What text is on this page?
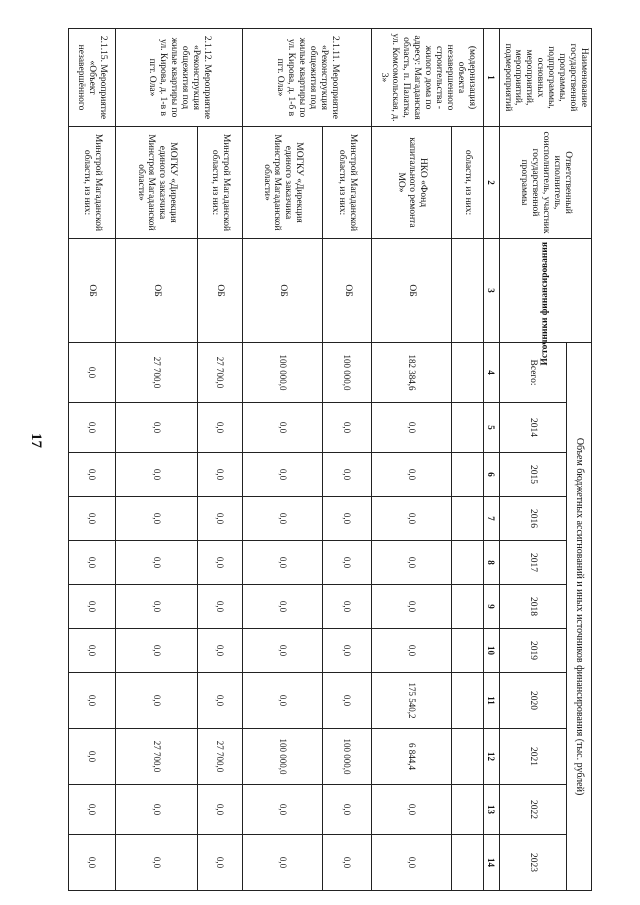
17
Наименование государственной программы, подпрограммы, основных мероприятий, мероприятий, подмероприятий	Ответственный исполнитель, соисполнитель, участник государственной программы	Источники финансирования	Объем бюджетных ассигнований и иных источников финансирования (тыс. рублей)										
			Всего:	2014	2015	2016	2017	2018	2019	2020	2021	2022	2023
1	2	3	4	5	6	7	8	9	10	11	12	13	14
(модернизация) объекта незавершенного строительства - жилого дома по адресу: Магаданская область, п. Палатка, ул. Комсомольская, д. 3»	области, из них:												
	НКО «Фонд капитального ремонта МО»	ОБ	182 384,6	0,0	0,0	0,0	0,0	0,0	0,0	175 540,2	6 844,4	0,0	0,0
2.1.11. Мероприятие «Реконструкция общежития под жилые квартиры по ул. Кирова, д. 1-б в пгт. Ола»	Минстрой Магаданской области, из них:	ОБ	100 000,0	0,0	0,0	0,0	0,0	0,0	0,0	0,0	100 000,0	0,0	0,0
	МОГКУ «Дирекция единого заказчика Минстроя Магаданской области»	ОБ	100 000,0	0,0	0,0	0,0	0,0	0,0	0,0	0,0	100 000,0	0,0	0,0
2.1.12. Мероприятие «Реконструкция общежития под жилые квартиры по ул. Кирова, д. 1-в в пгт. Ола»	Минстрой Магаданской области, из них:	ОБ	27 700,0	0,0	0,0	0,0	0,0	0,0	0,0	0,0	27 700,0	0,0	0,0
	МОГКУ «Дирекция единого заказчика Минстроя Магаданской области»	ОБ	27 700,0	0,0	0,0	0,0	0,0	0,0	0,0	0,0	27 700,0	0,0	0,0
2.1.15. Мероприятие «Объект незавершённого	Минстрой Магаданской области, из них:	ОБ	0,0	0,0	0,0	0,0	0,0	0,0	0,0	0,0	0,0	0,0	0,0
